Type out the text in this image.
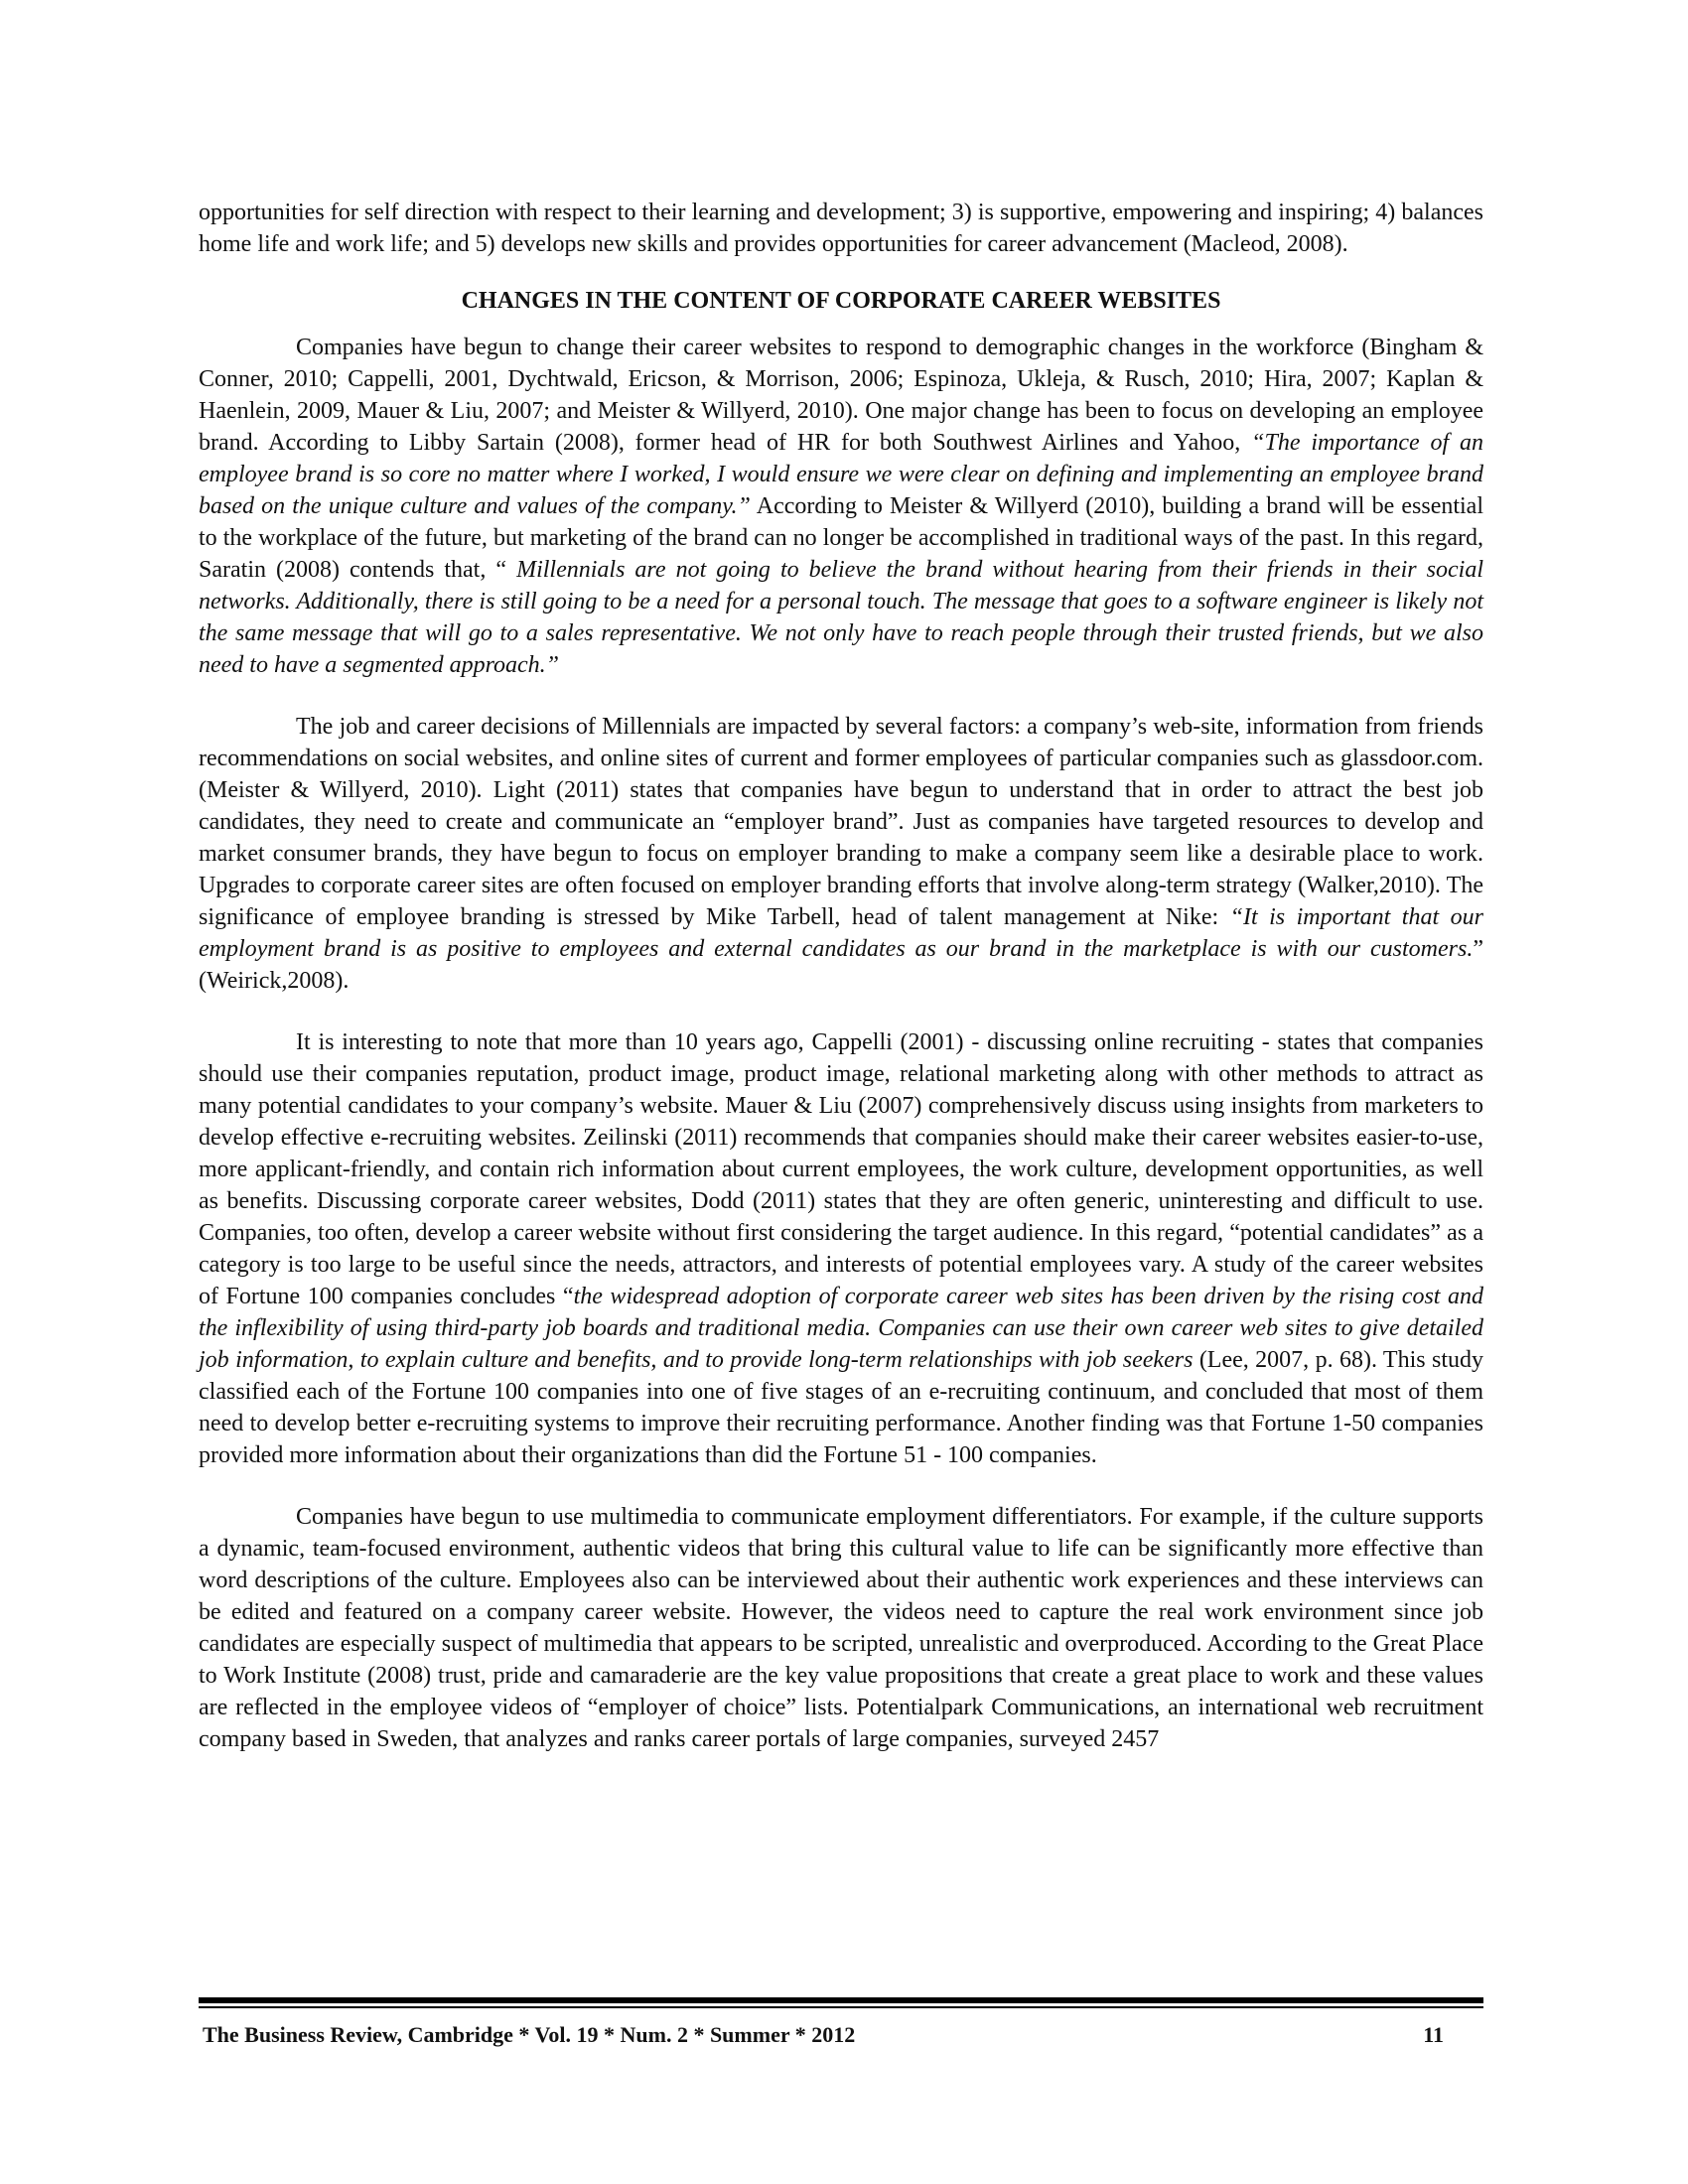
opportunities for self direction with respect to their learning and development; 3) is supportive, empowering and inspiring; 4) balances home life and work life; and 5) develops new skills and provides opportunities for career advancement (Macleod, 2008).

CHANGES IN THE CONTENT OF CORPORATE CAREER WEBSITES

Companies have begun to change their career websites to respond to demographic changes in the workforce (Bingham & Conner, 2010; Cappelli, 2001, Dychtwald, Ericson, & Morrison, 2006; Espinoza, Ukleja, & Rusch, 2010; Hira, 2007; Kaplan & Haenlein, 2009, Mauer & Liu, 2007; and Meister & Willyerd, 2010). One major change has been to focus on developing an employee brand. According to Libby Sartain (2008), former head of HR for both Southwest Airlines and Yahoo, “The importance of an employee brand is so core no matter where I worked, I would ensure we were clear on defining and implementing an employee brand based on the unique culture and values of the company.” According to Meister & Willyerd (2010), building a brand will be essential to the workplace of the future, but marketing of the brand can no longer be accomplished in traditional ways of the past. In this regard, Saratin (2008) contends that, “ Millennials are not going to believe the brand without hearing from their friends in their social networks. Additionally, there is still going to be a need for a personal touch. The message that goes to a software engineer is likely not the same message that will go to a sales representative. We not only have to reach people through their trusted friends, but we also need to have a segmented approach.”

The job and career decisions of Millennials are impacted by several factors: a company’s web-site, information from friends recommendations on social websites, and online sites of current and former employees of particular companies such as glassdoor.com. (Meister & Willyerd, 2010). Light (2011) states that companies have begun to understand that in order to attract the best job candidates, they need to create and communicate an “employer brand”. Just as companies have targeted resources to develop and market consumer brands, they have begun to focus on employer branding to make a company seem like a desirable place to work. Upgrades to corporate career sites are often focused on employer branding efforts that involve along-term strategy (Walker,2010). The significance of employee branding is stressed by Mike Tarbell, head of talent management at Nike: “It is important that our employment brand is as positive to employees and external candidates as our brand in the marketplace is with our customers.” (Weirick,2008).

It is interesting to note that more than 10 years ago, Cappelli (2001) - discussing online recruiting - states that companies should use their companies reputation, product image, product image, relational marketing along with other methods to attract as many potential candidates to your company’s website. Mauer & Liu (2007) comprehensively discuss using insights from marketers to develop effective e-recruiting websites. Zeilinski (2011) recommends that companies should make their career websites easier-to-use, more applicant-friendly, and contain rich information about current employees, the work culture, development opportunities, as well as benefits. Discussing corporate career websites, Dodd (2011) states that they are often generic, uninteresting and difficult to use. Companies, too often, develop a career website without first considering the target audience. In this regard, “potential candidates” as a category is too large to be useful since the needs, attractors, and interests of potential employees vary. A study of the career websites of Fortune 100 companies concludes “the widespread adoption of corporate career web sites has been driven by the rising cost and the inflexibility of using third-party job boards and traditional media. Companies can use their own career web sites to give detailed job information, to explain culture and benefits, and to provide long-term relationships with job seekers (Lee, 2007, p. 68). This study classified each of the Fortune 100 companies into one of five stages of an e-recruiting continuum, and concluded that most of them need to develop better e-recruiting systems to improve their recruiting performance. Another finding was that Fortune 1-50 companies provided more information about their organizations than did the Fortune 51 - 100 companies.

Companies have begun to use multimedia to communicate employment differentiators. For example, if the culture supports a dynamic, team-focused environment, authentic videos that bring this cultural value to life can be significantly more effective than word descriptions of the culture. Employees also can be interviewed about their authentic work experiences and these interviews can be edited and featured on a company career website. However, the videos need to capture the real work environment since job candidates are especially suspect of multimedia that appears to be scripted, unrealistic and overproduced. According to the Great Place to Work Institute (2008) trust, pride and camaraderie are the key value propositions that create a great place to work and these values are reflected in the employee videos of “employer of choice” lists. Potentialpark Communications, an international web recruitment company based in Sweden, that analyzes and ranks career portals of large companies, surveyed 2457

The Business Review, Cambridge * Vol. 19 * Num. 2 * Summer * 2012	11
